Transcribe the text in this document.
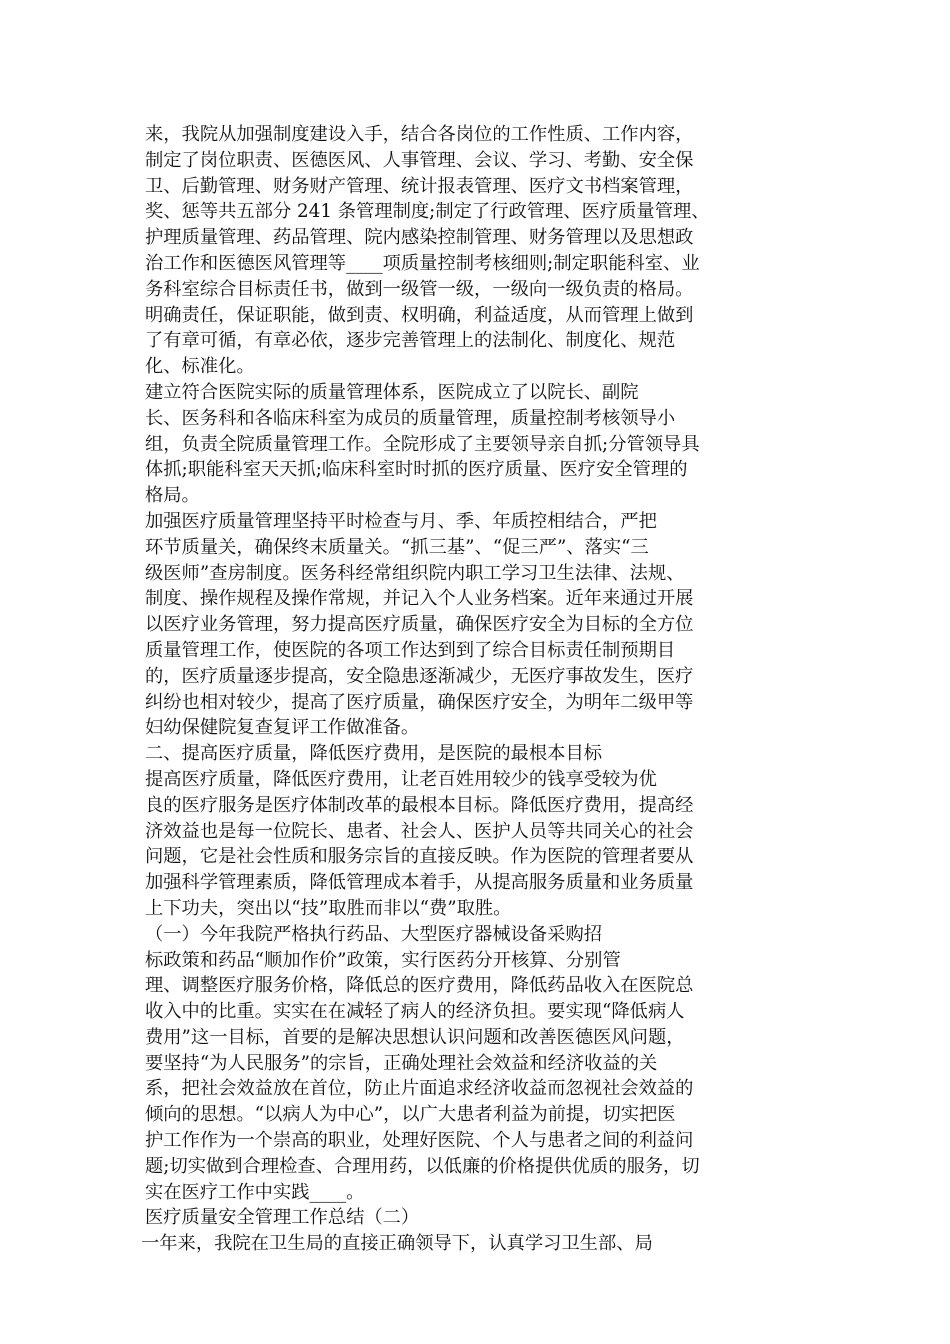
来，我院从加强制度建设入手，结合各岗位的工作性质、工作内容，
制定了岗位职责、医德医风、人事管理、会议、学习、考勤、安全保
卫、后勤管理、财务财产管理、统计报表管理、医疗文书档案管理，
奖、惩等共五部分 241 条管理制度;制定了行政管理、医疗质量管理、
护理质量管理、药品管理、院内感染控制管理、财务管理以及思想政
治工作和医德医风管理等____项质量控制考核细则;制定职能科室、业
务科室综合目标责任书，做到一级管一级，一级向一级负责的格局。
明确责任，保证职能，做到责、权明确，利益适度，从而管理上做到
了有章可循，有章必依，逐步完善管理上的法制化、制度化、规范
化、标准化。
建立符合医院实际的质量管理体系，医院成立了以院长、副院
长、医务科和各临床科室为成员的质量管理，质量控制考核领导小
组，负责全院质量管理工作。全院形成了主要领导亲自抓;分管领导具
体抓;职能科室天天抓;临床科室时时抓的医疗质量、医疗安全管理的
格局。
加强医疗质量管理坚持平时检查与月、季、年质控相结合，严把
环节质量关，确保终末质量关。“抓三基”、“促三严”、落实“三
级医师”查房制度。医务科经常组织院内职工学习卫生法律、法规、
制度、操作规程及操作常规，并记入个人业务档案。近年来通过开展
以医疗业务管理，努力提高医疗质量，确保医疗安全为目标的全方位
质量管理工作，使医院的各项工作达到到了综合目标责任制预期目
的，医疗质量逐步提高，安全隐患逐渐减少，无医疗事故发生，医疗
纠纷也相对较少，提高了医疗质量，确保医疗安全，为明年二级甲等
妇幼保健院复查复评工作做准备。
二、提高医疗质量，降低医疗费用，是医院的最根本目标
提高医疗质量，降低医疗费用，让老百姓用较少的钱享受较为优
良的医疗服务是医疗体制改革的最根本目标。降低医疗费用，提高经
济效益也是每一位院长、患者、社会人、医护人员等共同关心的社会
问题，它是社会性质和服务宗旨的直接反映。作为医院的管理者要从
加强科学管理素质，降低管理成本着手，从提高服务质量和业务质量
上下功夫，突出以“技”取胜而非以“费”取胜。
（一）今年我院严格执行药品、大型医疗器械设备采购招
标政策和药品“顺加作价”政策，实行医药分开核算、分别管
理、调整医疗服务价格，降低总的医疗费用，降低药品收入在医院总
收入中的比重。实实在在减轻了病人的经济负担。要实现“降低病人
费用”这一目标，首要的是解决思想认识问题和改善医德医风问题，
要坚持“为人民服务”的宗旨，正确处理社会效益和经济收益的关
系，把社会效益放在首位，防止片面追求经济收益而忽视社会效益的
倾向的思想。“以病人为中心”，以广大患者利益为前提，切实把医
护工作作为一个崇高的职业，处理好医院、个人与患者之间的利益问
题;切实做到合理检查、合理用药，以低廉的价格提供优质的服务，切
实在医疗工作中实践____。
医疗质量安全管理工作总结（二）
一年来，我院在卫生局的直接正确领导下，认真学习卫生部、局
